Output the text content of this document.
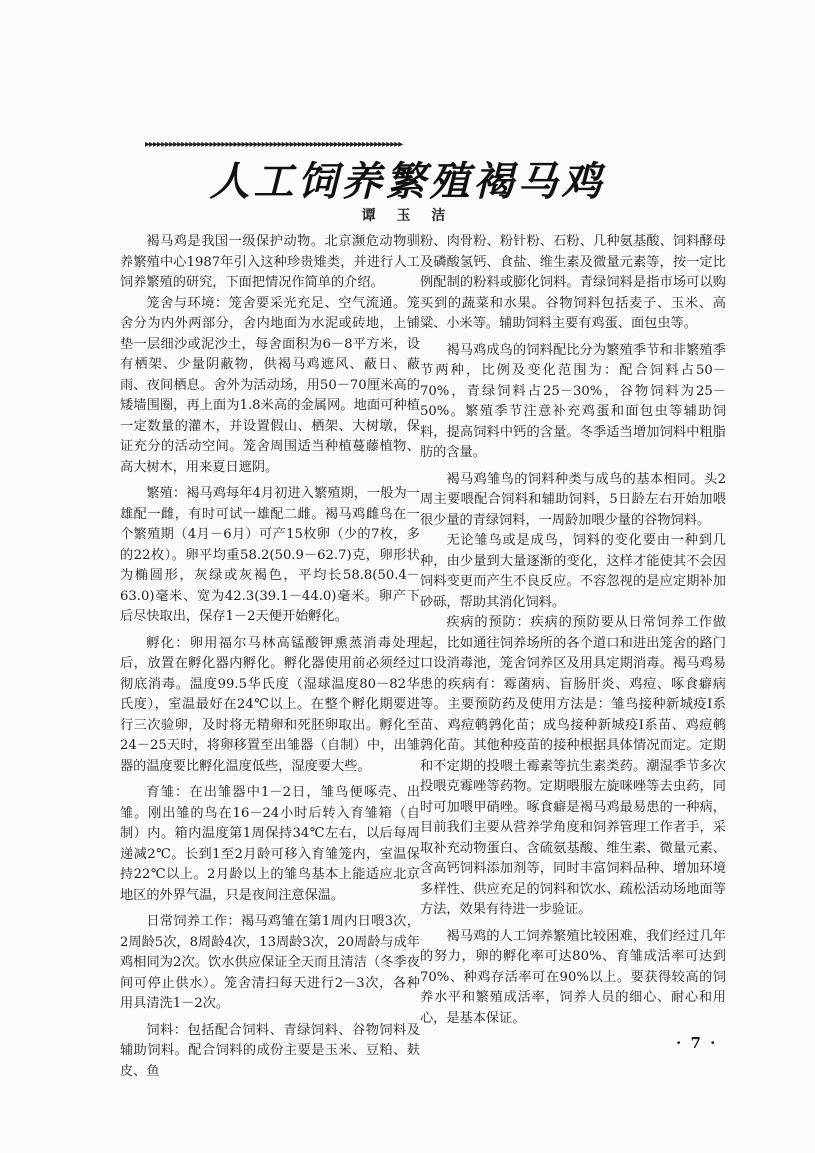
▸▸▸▸▸▸▸▸▸▸▸▸▸▸▸▸▸▸▸▸▸▸▸▸▸▸▸▸▸▸▸▸▸▸▸▸▸▸▸▸▸▸▸▸▸▸▸▸▸▸▸▸▸▸▸▸▸▸▸▸▸▸▸▸
人工饲养繁殖褐马鸡
谭 玉 洁

褐马鸡是我国一级保护动物。北京濒危动物驯养繁殖中心1987年引入这种珍贵雉类，并进行人工饲养繁殖的研究，下面把情况作简单的介绍。

笼舍与环境：笼舍要采光充足、空气流通。笼舍分为内外两部分，舍内地面为水泥或砖地，上铺垫一层细沙或泥沙土，每舍面积为6－8平方米，设有栖架、少量阴蔽物，供褐马鸡遮风、蔽日、蔽雨、夜间栖息。舍外为活动场，用50－70厘米高的矮墙围圈，再上面为1.8米高的金属网。地面可种植一定数量的灌木，并设置假山、栖架、大树墩，保证充分的活动空间。笼舍周围适当种植蔓藤植物、高大树木，用来夏日遮阴。

繁殖：褐马鸡每年4月初进入繁殖期，一般为一雄配一雌，有时可试一雄配二雌。褐马鸡雌鸟在一个繁殖期（4月－6月）可产15枚卵（少的7枚，多的22枚）。卵平均重58.2(50.9－62.7)克，卵形状为椭圆形，灰绿或灰褐色，平均长58.8(50.4－63.0)毫米、宽为42.3(39.1－44.0)毫米。卵产下后尽快取出，保存1－2天便开始孵化。

孵化：卵用福尔马林高锰酸钾熏蒸消毒处理后，放置在孵化器内孵化。孵化器使用前必须经过彻底消毒。温度99.5华氏度（湿球温度80－82华氏度），室温最好在24℃以上。在整个孵化期要进行三次验卵，及时将无精卵和死胚卵取出。孵化至24－25天时，将卵移置至出雏器（自制）中，出雏器的温度要比孵化温度低些，湿度要大些。

育雏：在出雏器中1－2日，雏鸟便啄壳、出雏。刚出雏的鸟在16－24小时后转入育雏箱（自制）内。箱内温度第1周保持34℃左右，以后每周递减2℃。长到1至2月龄可移入育雏笼内，室温保持22℃以上。2月龄以上的雏鸟基本上能适应北京地区的外界气温，只是夜间注意保温。

日常饲养工作：褐马鸡雏在第1周内日喂3次，2周龄5次，8周龄4次，13周龄3次，20周龄与成年鸡相同为2次。饮水供应保证全天而且清洁（冬季夜间可停止供水）。笼舍清扫每天进行2－3次，各种用具清洗1－2次。

饲料：包括配合饲料、青绿饲料、谷物饲料及辅助饲料。配合饲料的成份主要是玉米、豆粕、麸皮、鱼

粉、肉骨粉、粉针粉、石粉、几种氨基酸、饲料酵母及磷酸氢钙、食盐、维生素及微量元素等，按一定比例配制的粉料或膨化饲料。青绿饲料是指市场可以购买到的蔬菜和水果。谷物饲料包括麦子、玉米、高粱、小米等。辅助饲料主要有鸡蛋、面包虫等。

褐马鸡成鸟的饲料配比分为繁殖季节和非繁殖季节两种，比例及变化范围为：配合饲料占50－70%，青绿饲料占25－30%，谷物饲料为25－50%。繁殖季节注意补充鸡蛋和面包虫等辅助饲料，提高饲料中钙的含量。冬季适当增加饲料中粗脂肪的含量。

褐马鸡雏鸟的饲料种类与成鸟的基本相同。头2周主要喂配合饲料和辅助饲料，5日龄左右开始加喂很少量的青绿饲料，一周龄加喂少量的谷物饲料。

无论雏鸟或是成鸟，饲料的变化要由一种到几种，由少量到大量逐渐的变化，这样才能使其不会因饲料变更而产生不良反应。不容忽视的是应定期补加砂砾，帮助其消化饲料。

疾病的预防：疾病的预防要从日常饲养工作做起，比如通往饲养场所的各个道口和进出笼舍的路门口设消毒池，笼舍饲养区及用具定期消毒。褐马鸡易患的疾病有：霉菌病、盲肠肝炎、鸡痘、啄食癖病等。主要预防药及使用方法是：雏鸟接种新城疫Ⅰ系苗、鸡痘鹌鹑化苗；成鸟接种新城疫Ⅰ系苗、鸡痘鹌鹑化苗。其他种疫苗的接种根据具体情况而定。定期和不定期的投喂土霉素等抗生素类药。潮湿季节多次投喂克霉唑等药物。定期喂服左旋咪唑等去虫药，同时可加喂甲硝唑。啄食癖是褐马鸡最易患的一种病，目前我们主要从营养学角度和饲养管理工作者手，采取补充动物蛋白、含硫氨基酸、维生素、微量元素、含高钙饲料添加剂等，同时丰富饲料品种、增加环境多样性、供应充足的饲料和饮水、疏松活动场地面等方法，效果有待进一步验证。

褐马鸡的人工饲养繁殖比较困难，我们经过几年的努力，卵的孵化率可达80%、育雏成活率可达到70%、种鸡存活率可在90%以上。要获得较高的饲养水平和繁殖成活率，饲养人员的细心、耐心和用心，是基本保证。

· 7 ·
